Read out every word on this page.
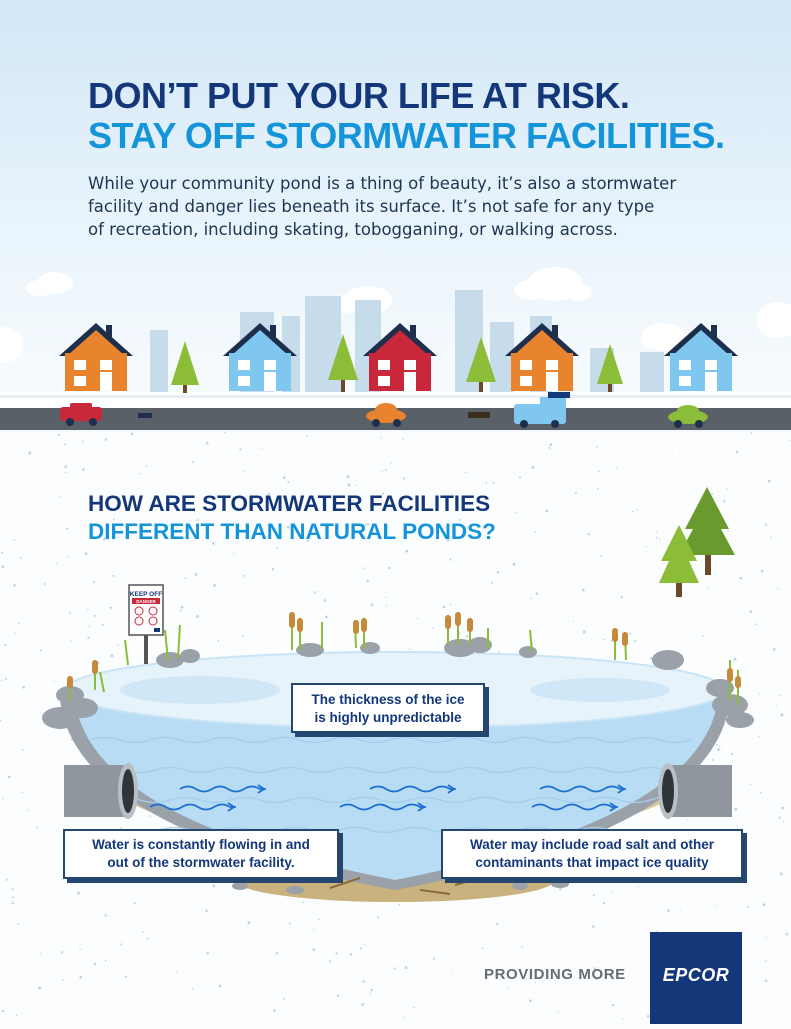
DON’T PUT YOUR LIFE AT RISK.
STAY OFF STORMWATER FACILITIES.

While your community pond is a thing of beauty, it’s also a stormwater
facility and danger lies beneath its surface. It’s not safe for any type
of recreation, including skating, tobogganing, or walking across.

HOW ARE STORMWATER FACILITIES
DIFFERENT THAN NATURAL PONDS?
KEEP OFF
DANGER
The thickness of the ice
is highly unpredictable
Water is constantly flowing in and
out of the stormwater facility.
Water may include road salt and other
contaminants that impact ice quality
PROVIDING MORE	EPCOR
